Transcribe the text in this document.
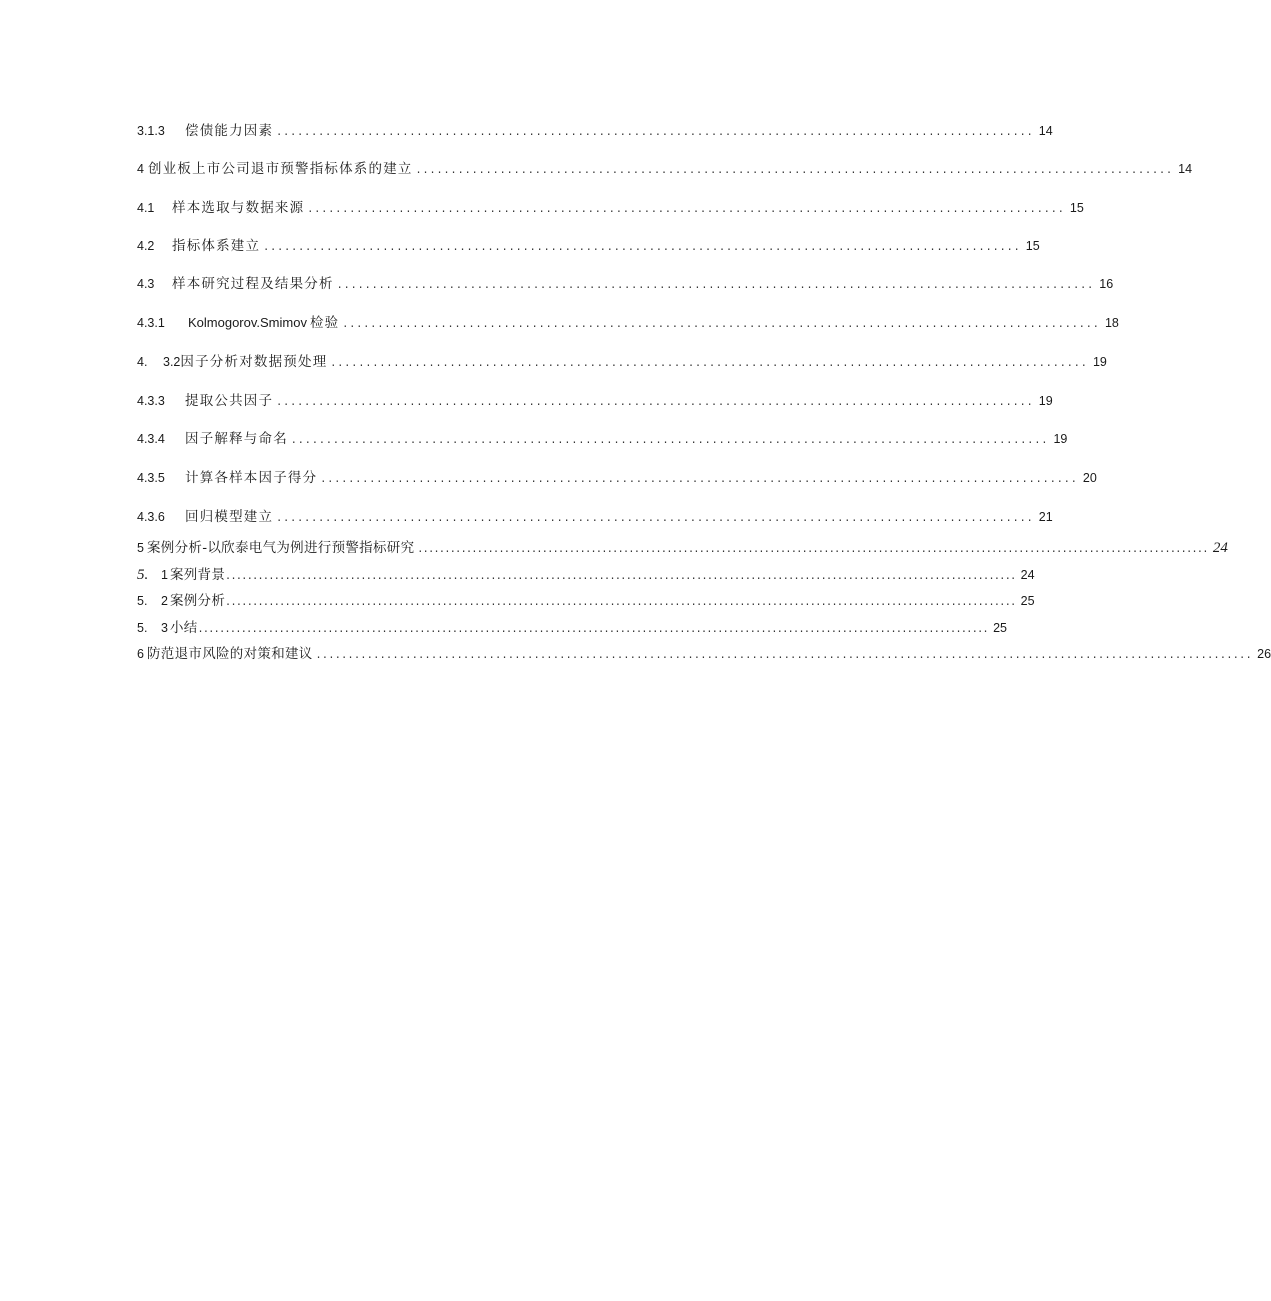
3.1.3	偿债能力因素 ............................................................................................................ 14
4 创业板上市公司退市预警指标体系的建立 ............................................................................................................ 14
4.1	样本选取与数据来源 ............................................................................................................ 15
4.2	指标体系建立 ............................................................................................................ 15
4.3	样本研究过程及结果分析 ............................................................................................................ 16
4.3.1	Kolmogorov.Smimov 检验 ............................................................................................................ 18
4.	3.2 因子分析对数据预处理 ............................................................................................................ 19
4.3.3	提取公共因子 ............................................................................................................ 19
4.3.4	因子解释与命名 ............................................................................................................ 19
4.3.5	计算各样本因子得分 ............................................................................................................ 20
4.3.6	回归模型建立 ............................................................................................................ 21
5 案例分析-以欣泰电气为例进行预警指标研究 .................................................................................................................................................. 24
5.	1 案列背景 .................................................................................................................................................. 24
5.	2 案例分析 .................................................................................................................................................. 25
5.	3 小结 .................................................................................................................................................. 25
6 防范退市风险的对策和建议 .................................................................................................................................................. 26
